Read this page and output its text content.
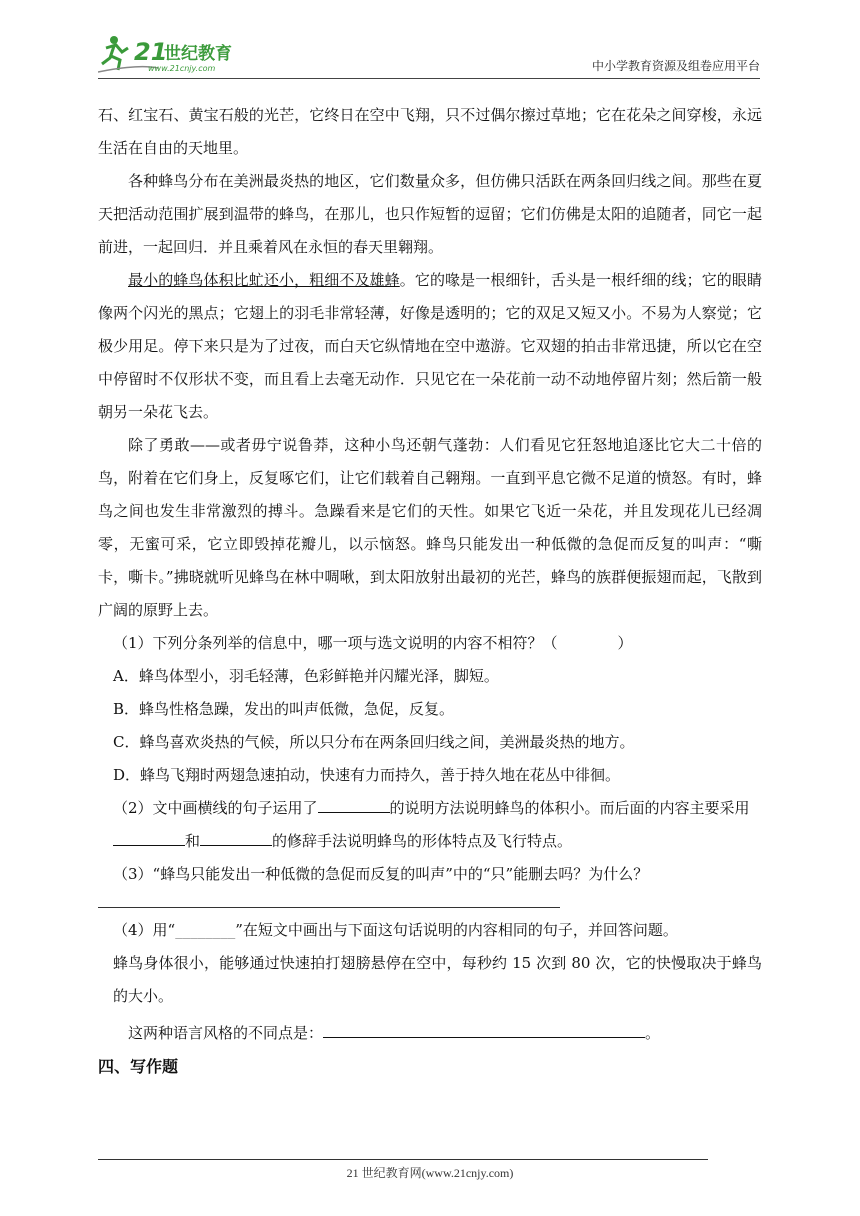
21
世纪教育
www.21cnjy.com	中小学教育资源及组卷应用平台

石、红宝石、黄宝石般的光芒，它终日在空中飞翔，只不过偶尔擦过草地；它在花朵之间穿梭，永远生活在自由的天地里。

各种蜂鸟分布在美洲最炎热的地区，它们数量众多，但仿佛只活跃在两条回归线之间。那些在夏天把活动范围扩展到温带的蜂鸟，在那儿，也只作短暂的逗留；它们仿佛是太阳的追随者，同它一起前进，一起回归．并且乘着风在永恒的春天里翱翔。

最小的蜂鸟体积比虻还小，粗细不及雄蜂。它的喙是一根细针，舌头是一根纤细的线；它的眼睛像两个闪光的黑点；它翅上的羽毛非常轻薄，好像是透明的；它的双足又短又小。不易为人察觉；它极少用足。停下来只是为了过夜，而白天它纵情地在空中遨游。它双翅的拍击非常迅捷，所以它在空中停留时不仅形状不变，而且看上去毫无动作．只见它在一朵花前一动不动地停留片刻；然后箭一般朝另一朵花飞去。

除了勇敢——或者毋宁说鲁莽，这种小鸟还朝气蓬勃：人们看见它狂怒地追逐比它大二十倍的鸟，附着在它们身上，反复啄它们，让它们载着自己翱翔。一直到平息它微不足道的愤怒。有时，蜂鸟之间也发生非常激烈的搏斗。急躁看来是它们的天性。如果它飞近一朵花，并且发现花儿已经凋零，无蜜可采，它立即毁掉花瓣儿，以示恼怒。蜂鸟只能发出一种低微的急促而反复的叫声：“嘶卡，嘶卡。”拂晓就听见蜂鸟在林中啁啾，到太阳放射出最初的光芒，蜂鸟的族群便振翅而起，飞散到广阔的原野上去。

（1）下列分条列举的信息中，哪一项与选文说明的内容不相符？（　　　　）

A．蜂鸟体型小，羽毛轻薄，色彩鲜艳并闪耀光泽，脚短。

B．蜂鸟性格急躁，发出的叫声低微，急促，反复。

C．蜂鸟喜欢炎热的气候，所以只分布在两条回归线之间，美洲最炎热的地方。

D．蜂鸟飞翔时两翅急速拍动，快速有力而持久，善于持久地在花丛中徘徊。

（2）文中画横线的句子运用了	的说明方法说明蜂鸟的体积小。而后面的内容主要采用

和	的修辞手法说明蜂鸟的形体特点及飞行特点。

（3）“蜂鸟只能发出一种低微的急促而反复的叫声”中的“只”能删去吗？为什么？

（4）用“________”在短文中画出与下面这句话说明的内容相同的句子，并回答问题。

蜂鸟身体很小，能够通过快速拍打翅膀悬停在空中，每秒约 15 次到 80 次，它的快慢取决于蜂鸟的大小。

这两种语言风格的不同点是：	。

四、写作题

21 世纪教育网(www.21cnjy.com)
